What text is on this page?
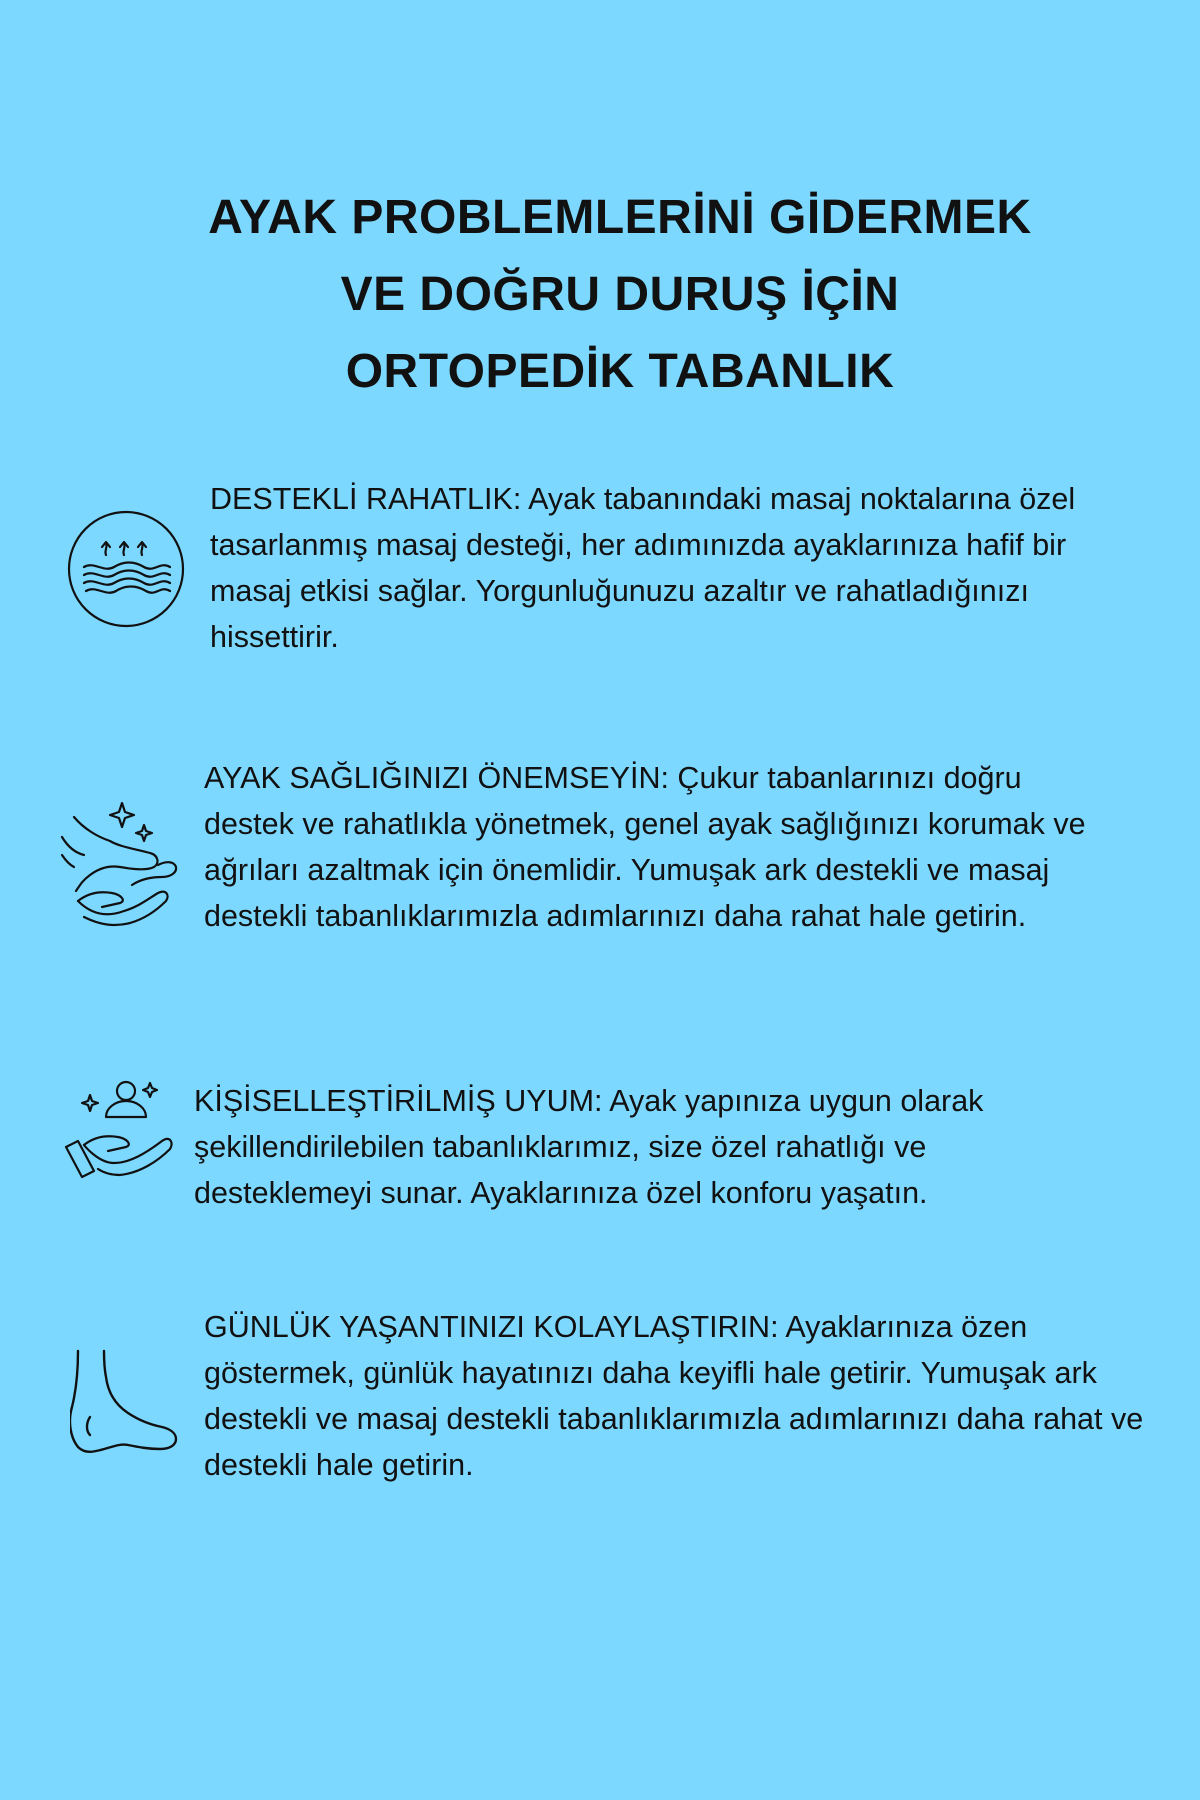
AYAK PROBLEMLERİNİ GİDERMEK
VE DOĞRU DURUŞ İÇİN
ORTOPEDİK TABANLIK

DESTEKLİ RAHATLIK: Ayak tabanındaki masaj noktalarına özel tasarlanmış masaj desteği, her adımınızda ayaklarınıza hafif bir masaj etkisi sağlar. Yorgunluğunuzu azaltır ve rahatladığınızı hissettirir.

AYAK SAĞLIĞINIZI ÖNEMSEYİN: Çukur tabanlarınızı doğru destek ve rahatlıkla yönetmek, genel ayak sağlığınızı korumak ve ağrıları azaltmak için önemlidir. Yumuşak ark destekli ve masaj destekli tabanlıklarımızla adımlarınızı daha rahat hale getirin.

KİŞİSELLEŞTİRİLMİŞ UYUM: Ayak yapınıza uygun olarak şekillendirilebilen tabanlıklarımız, size özel rahatlığı ve desteklemeyi sunar. Ayaklarınıza özel konforu yaşatın.

GÜNLÜK YAŞANTINIZI KOLAYLAŞTIRIN: Ayaklarınıza özen göstermek, günlük hayatınızı daha keyifli hale getirir. Yumuşak ark destekli ve masaj destekli tabanlıklarımızla adımlarınızı daha rahat ve destekli hale getirin.
